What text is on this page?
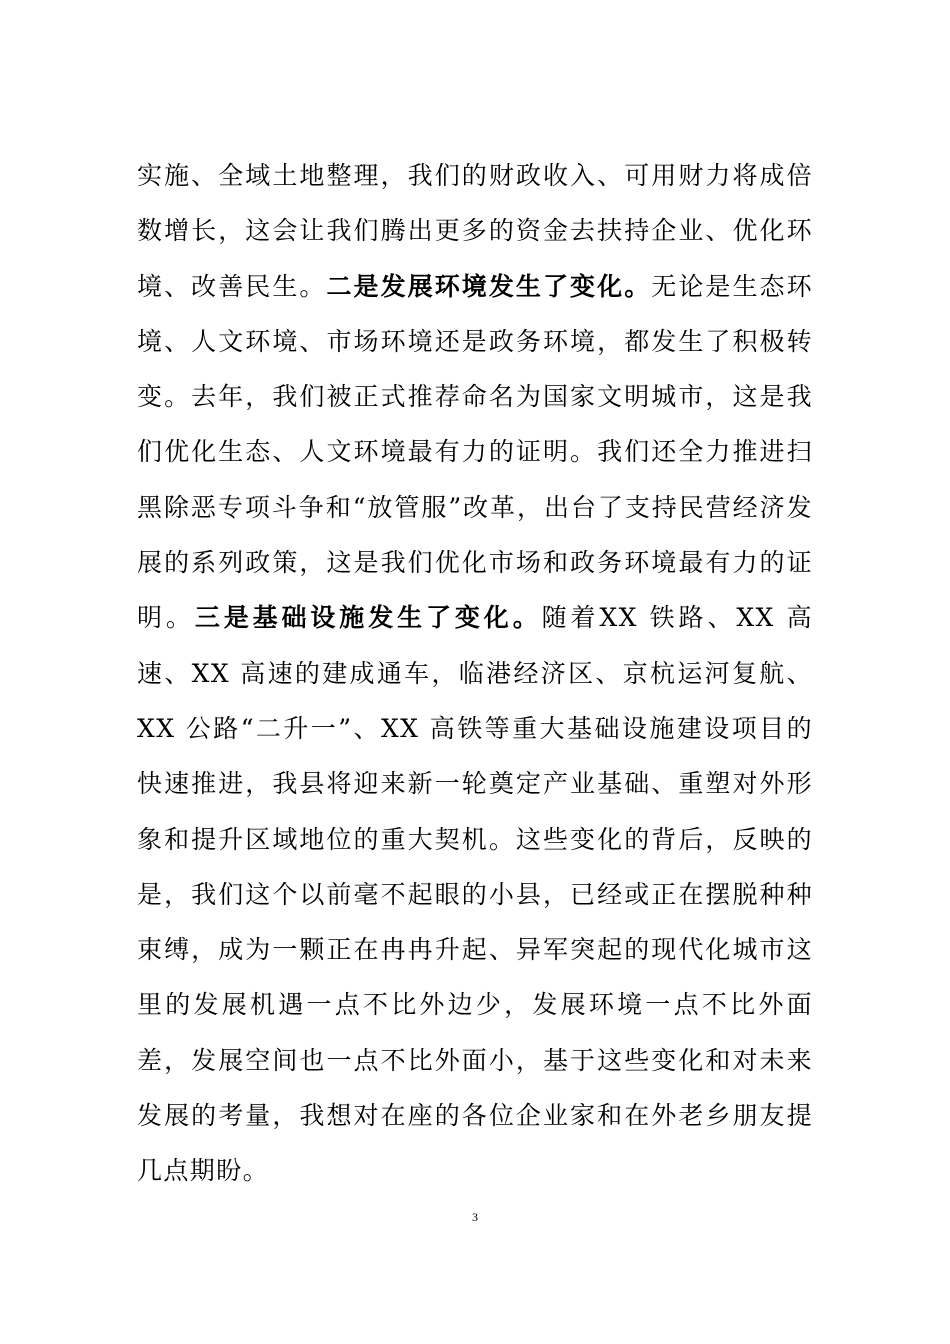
实施、全域土地整理，我们的财政收入、可用财力将成倍数增长，这会让我们腾出更多的资金去扶持企业、优化环境、改善民生。二是发展环境发生了变化。无论是生态环境、人文环境、市场环境还是政务环境，都发生了积极转变。去年，我们被正式推荐命名为国家文明城市，这是我们优化生态、人文环境最有力的证明。我们还全力推进扫黑除恶专项斗争和“放管服”改革，出台了支持民营经济发展的系列政策，这是我们优化市场和政务环境最有力的证明。三是基础设施发生了变化。随着XX 铁路、XX 高速、XX 高速的建成通车，临港经济区、京杭运河复航、XX 公路“二升一”、XX 高铁等重大基础设施建设项目的快速推进，我县将迎来新一轮奠定产业基础、重塑对外形象和提升区域地位的重大契机。这些变化的背后，反映的是，我们这个以前毫不起眼的小县，已经或正在摆脱种种束缚，成为一颗正在冉冉升起、异军突起的现代化城市这里的发展机遇一点不比外边少，发展环境一点不比外面差，发展空间也一点不比外面小，基于这些变化和对未来发展的考量，我想对在座的各位企业家和在外老乡朋友提几点期盼。

3
